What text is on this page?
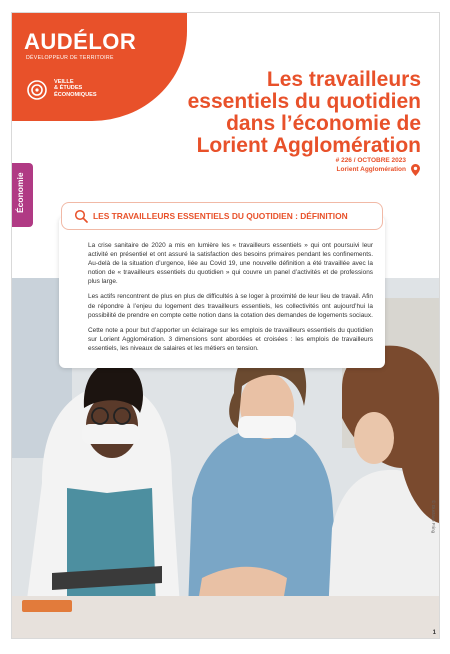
AUDÉLOR
DÉVELOPPEUR DE TERRITOIRE
VEILLE
& ÉTUDES
ÉCONOMIQUES
Les travailleurs
essentiels du quotidien
dans l’économie de
Lorient Agglomération
# 226 / OCTOBRE 2023
Lorient Agglomération
Économie

La crise sanitaire de 2020 a mis en lumière les « travailleurs essentiels » qui ont poursuivi leur activité en présentiel et ont assuré la satisfaction des besoins primaires pendant les confinements. Au-delà de la situation d’urgence, liée au Covid 19, une nouvelle définition a été travaillée avec la notion de « travailleurs essentiels du quotidien » qui couvre un panel d’activités et de professions plus large.

Les actifs rencontrent de plus en plus de difficultés à se loger à proximité de leur lieu de travail. Afin de répondre à l’enjeu du logement des travailleurs essentiels, les collectivités ont aujourd’hui la possibilité de prendre en compte cette notion dans la cotation des demandes de logements sociaux.

Cette note a pour but d’apporter un éclairage sur les emplois de travailleurs essentiels du quotidien sur Lorient Agglomération. 3 dimensions sont abordées et croisées : les emplois de travailleurs essentiels, les niveaux de salaires et les métiers en tension.

LES TRAVAILLEURS ESSENTIELS DU QUOTIDIEN : DÉFINITION
© Gustavo Fring
1
